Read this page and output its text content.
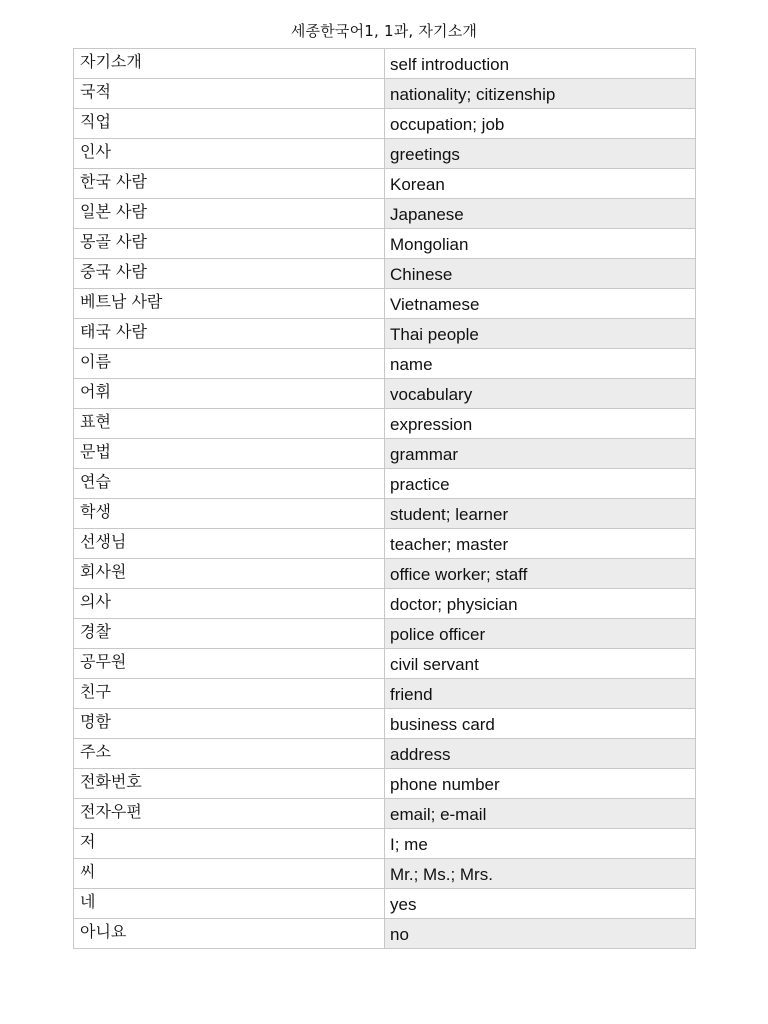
세종한국어1, 1과, 자기소개
자기소개	self introduction
국적	nationality; citizenship
직업	occupation; job
인사	greetings
한국 사람	Korean
일본 사람	Japanese
몽골 사람	Mongolian
중국 사람	Chinese
베트남 사람	Vietnamese
태국 사람	Thai people
이름	name
어휘	vocabulary
표현	expression
문법	grammar
연습	practice
학생	student; learner
선생님	teacher; master
회사원	office worker; staff
의사	doctor; physician
경찰	police officer
공무원	civil servant
친구	friend
명함	business card
주소	address
전화번호	phone number
전자우편	email; e-mail
저	I; me
씨	Mr.; Ms.; Mrs.
네	yes
아니요	no
